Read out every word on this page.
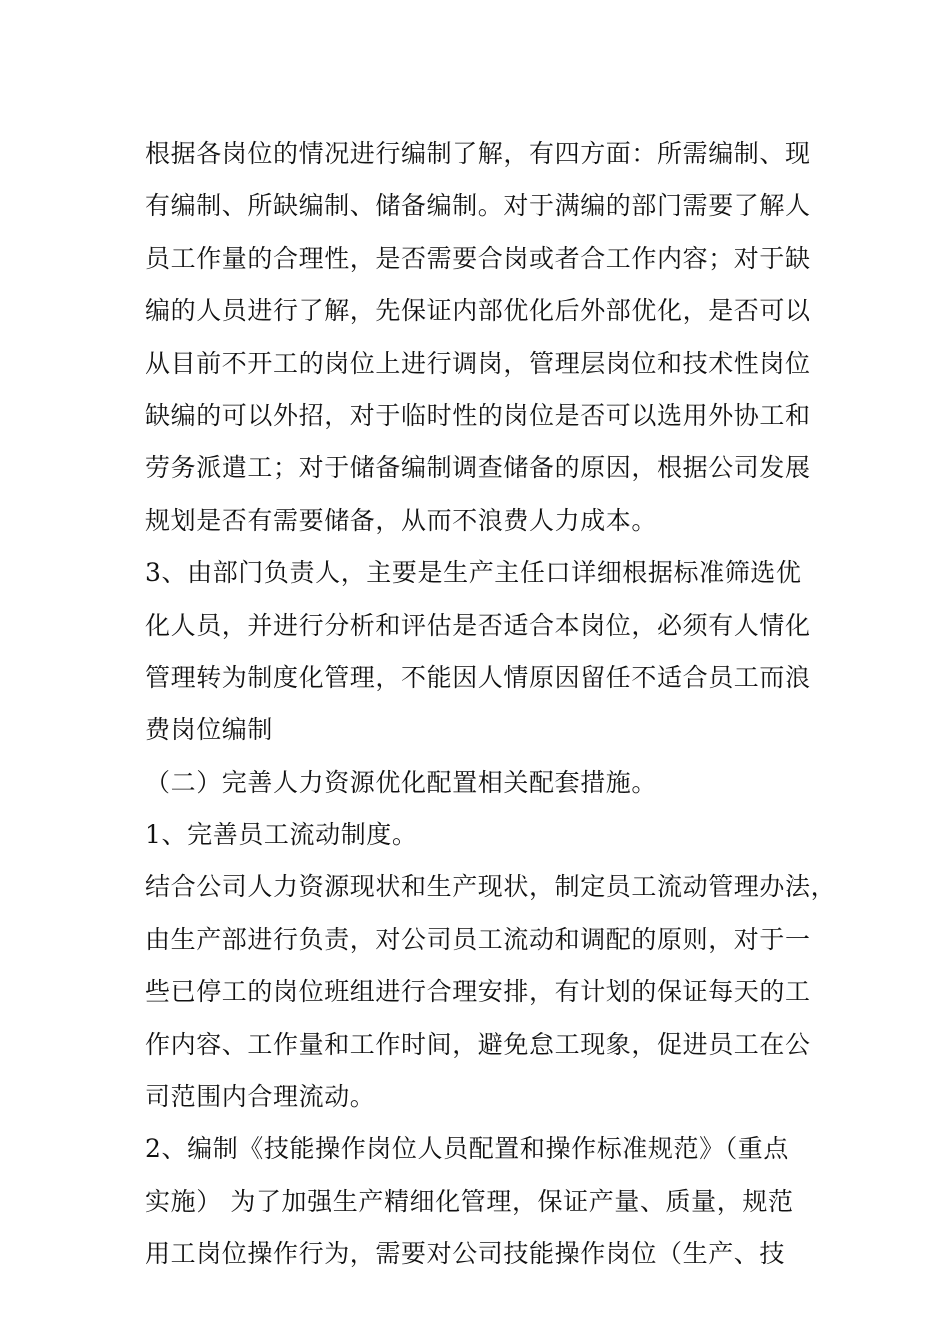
根据各岗位的情况进行编制了解，有四方面：所需编制、现
有编制、所缺编制、储备编制。对于满编的部门需要了解人
员工作量的合理性，是否需要合岗或者合工作内容；对于缺
编的人员进行了解，先保证内部优化后外部优化，是否可以
从目前不开工的岗位上进行调岗，管理层岗位和技术性岗位
缺编的可以外招，对于临时性的岗位是否可以选用外协工和
劳务派遣工；对于储备编制调查储备的原因，根据公司发展
规划是否有需要储备，从而不浪费人力成本。
3、由部门负责人，主要是生产主任口详细根据标准筛选优
化人员，并进行分析和评估是否适合本岗位，必须有人情化
管理转为制度化管理，不能因人情原因留任不适合员工而浪
费岗位编制
（二）完善人力资源优化配置相关配套措施。
1、完善员工流动制度。
结合公司人力资源现状和生产现状，制定员工流动管理办法，
由生产部进行负责，对公司员工流动和调配的原则，对于一
些已停工的岗位班组进行合理安排，有计划的保证每天的工
作内容、工作量和工作时间，避免怠工现象，促进员工在公
司范围内合理流动。
2、编制《技能操作岗位人员配置和操作标准规范》（重点
实施） 为了加强生产精细化管理，保证产量、质量，规范
用工岗位操作行为，需要对公司技能操作岗位（生产、技
